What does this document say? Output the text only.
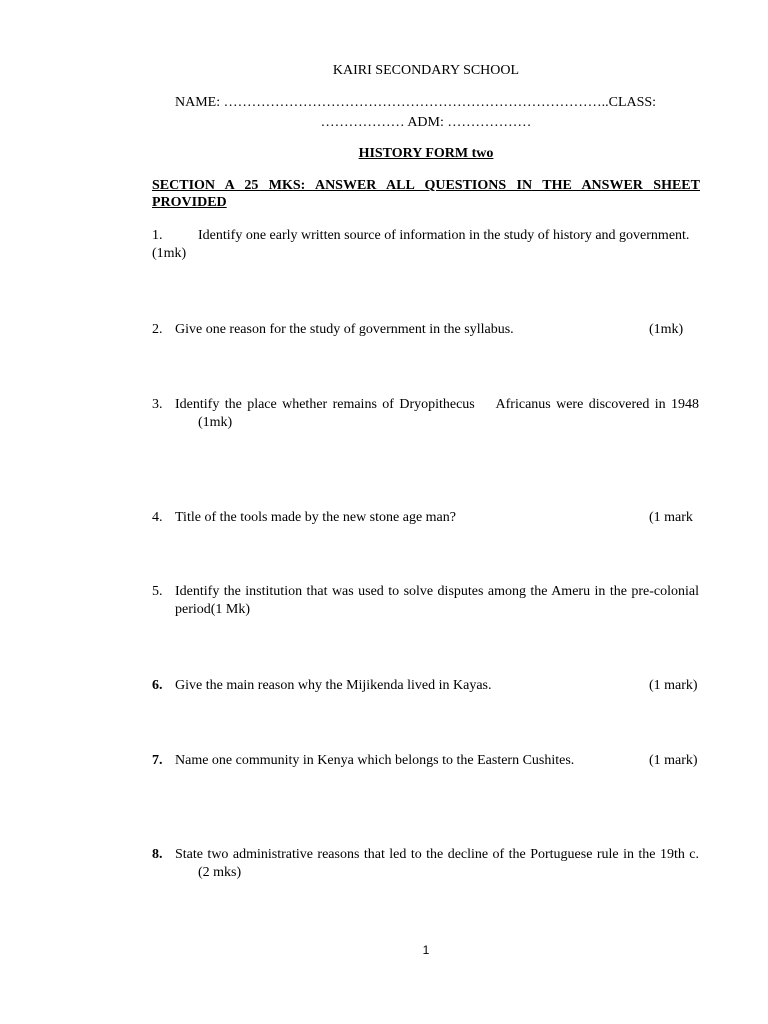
KAIRI SECONDARY SCHOOL
NAME: ………………………………………………………………………..CLASS:
……………… ADM: ………………
HISTORY FORM two
SECTION A 25 MKS: ANSWER ALL QUESTIONS IN THE ANSWER SHEET
PROVIDED
1.	Identify one early written source of information in the study of history and government.
(1mk)
2. Give one reason for the study of government in the syllabus.	(1mk)
3. Identify the place whether remains of Dryopithecus    Africanus were discovered in 1948
(1mk)
4. Title of the tools made by the new stone age man?	(1 mark
5. Identify the institution that was used to solve disputes among the Ameru in the pre-colonial
period(1 Mk)
6. Give the main reason why the Mijikenda lived in Kayas.	(1 mark)
7. Name one community in Kenya which belongs to the Eastern Cushites.	(1 mark)
8. State two administrative reasons that led to the decline of the Portuguese rule in the 19th c.
(2 mks)
1
